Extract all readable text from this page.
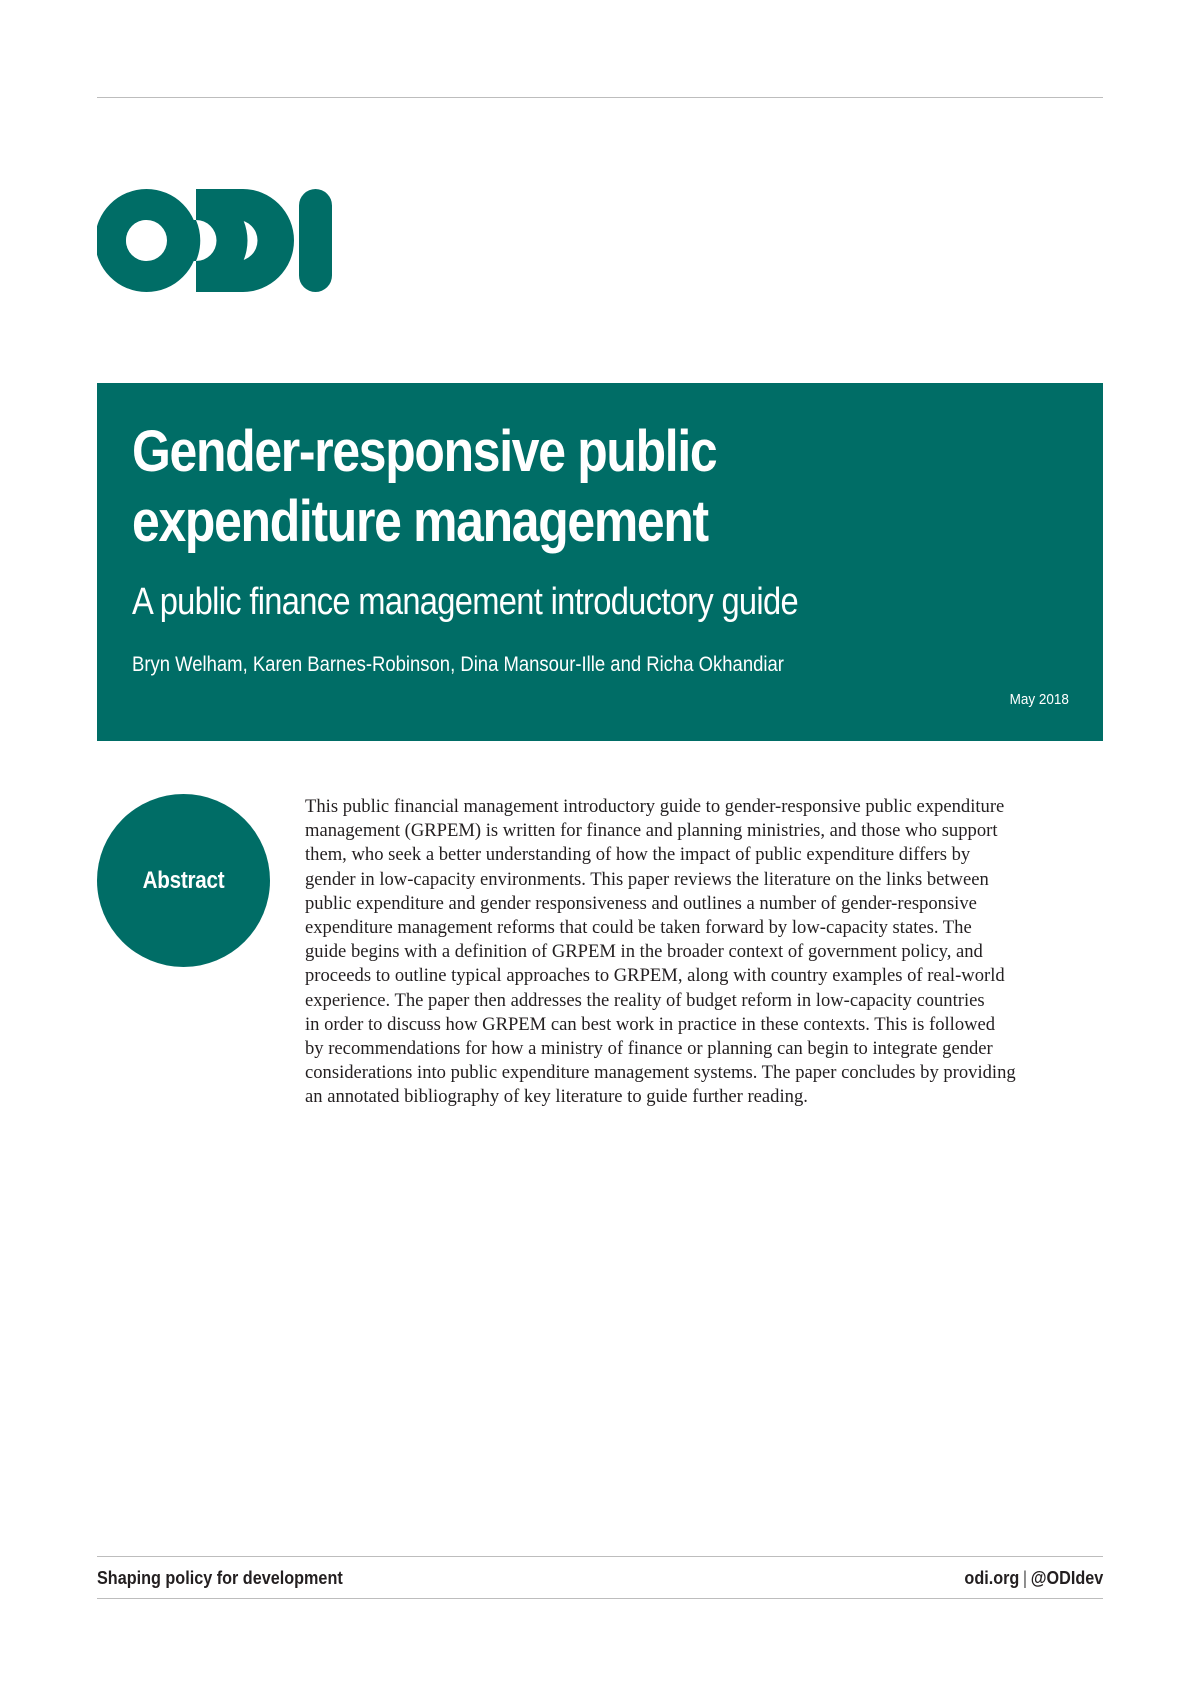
Gender-responsive public
expenditure management
A public finance management introductory guide

Bryn Welham, Karen Barnes-Robinson, Dina Mansour-Ille and Richa Okhandiar

May 2018

Abstract

This public financial management introductory guide to gender-responsive public expenditure
management (GRPEM) is written for finance and planning ministries, and those who support
them, who seek a better understanding of how the impact of public expenditure differs by
gender in low-capacity environments. This paper reviews the literature on the links between
public expenditure and gender responsiveness and outlines a number of gender-responsive
expenditure management reforms that could be taken forward by low-capacity states. The
guide begins with a definition of GRPEM in the broader context of government policy, and
proceeds to outline typical approaches to GRPEM, along with country examples of real-world
experience. The paper then addresses the reality of budget reform in low-capacity countries
in order to discuss how GRPEM can best work in practice in these contexts. This is followed
by recommendations for how a ministry of finance or planning can begin to integrate gender
considerations into public expenditure management systems. The paper concludes by providing
an annotated bibliography of key literature to guide further reading.

Shaping policy for development	odi.org | @ODIdev
